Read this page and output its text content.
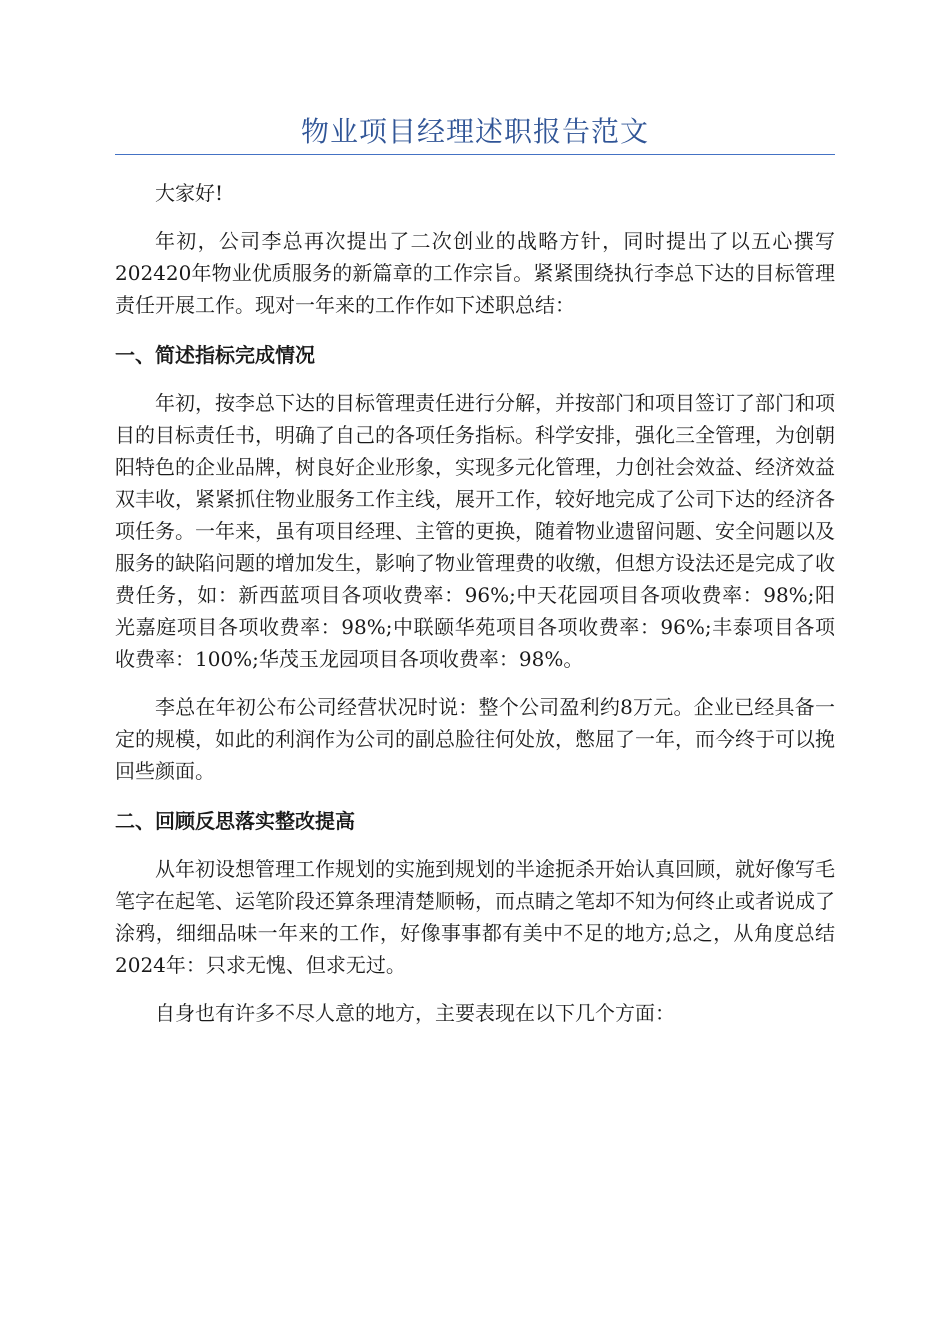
物业项目经理述职报告范文

大家好!

年初，公司李总再次提出了二次创业的战略方针，同时提出了以五心撰写202420年物业优质服务的新篇章的工作宗旨。紧紧围绕执行李总下达的目标管理责任开展工作。现对一年来的工作作如下述职总结：

一、简述指标完成情况

年初，按李总下达的目标管理责任进行分解，并按部门和项目签订了部门和项目的目标责任书，明确了自己的各项任务指标。科学安排，强化三全管理，为创朝阳特色的企业品牌，树良好企业形象，实现多元化管理，力创社会效益、经济效益双丰收，紧紧抓住物业服务工作主线，展开工作，较好地完成了公司下达的经济各项任务。一年来，虽有项目经理、主管的更换，随着物业遗留问题、安全问题以及服务的缺陷问题的增加发生，影响了物业管理费的收缴，但想方设法还是完成了收费任务，如：新西蓝项目各项收费率：96%;中天花园项目各项收费率：98%;阳光嘉庭项目各项收费率：98%;中联颐华苑项目各项收费率：96%;丰泰项目各项收费率：100%;华茂玉龙园项目各项收费率：98%。

李总在年初公布公司经营状况时说：整个公司盈利约8万元。企业已经具备一定的规模，如此的利润作为公司的副总脸往何处放，憋屈了一年，而今终于可以挽回些颜面。

二、回顾反思落实整改提高

从年初设想管理工作规划的实施到规划的半途扼杀开始认真回顾，就好像写毛笔字在起笔、运笔阶段还算条理清楚顺畅，而点睛之笔却不知为何终止或者说成了涂鸦，细细品味一年来的工作，好像事事都有美中不足的地方;总之，从角度总结2024年：只求无愧、但求无过。

自身也有许多不尽人意的地方，主要表现在以下几个方面：
